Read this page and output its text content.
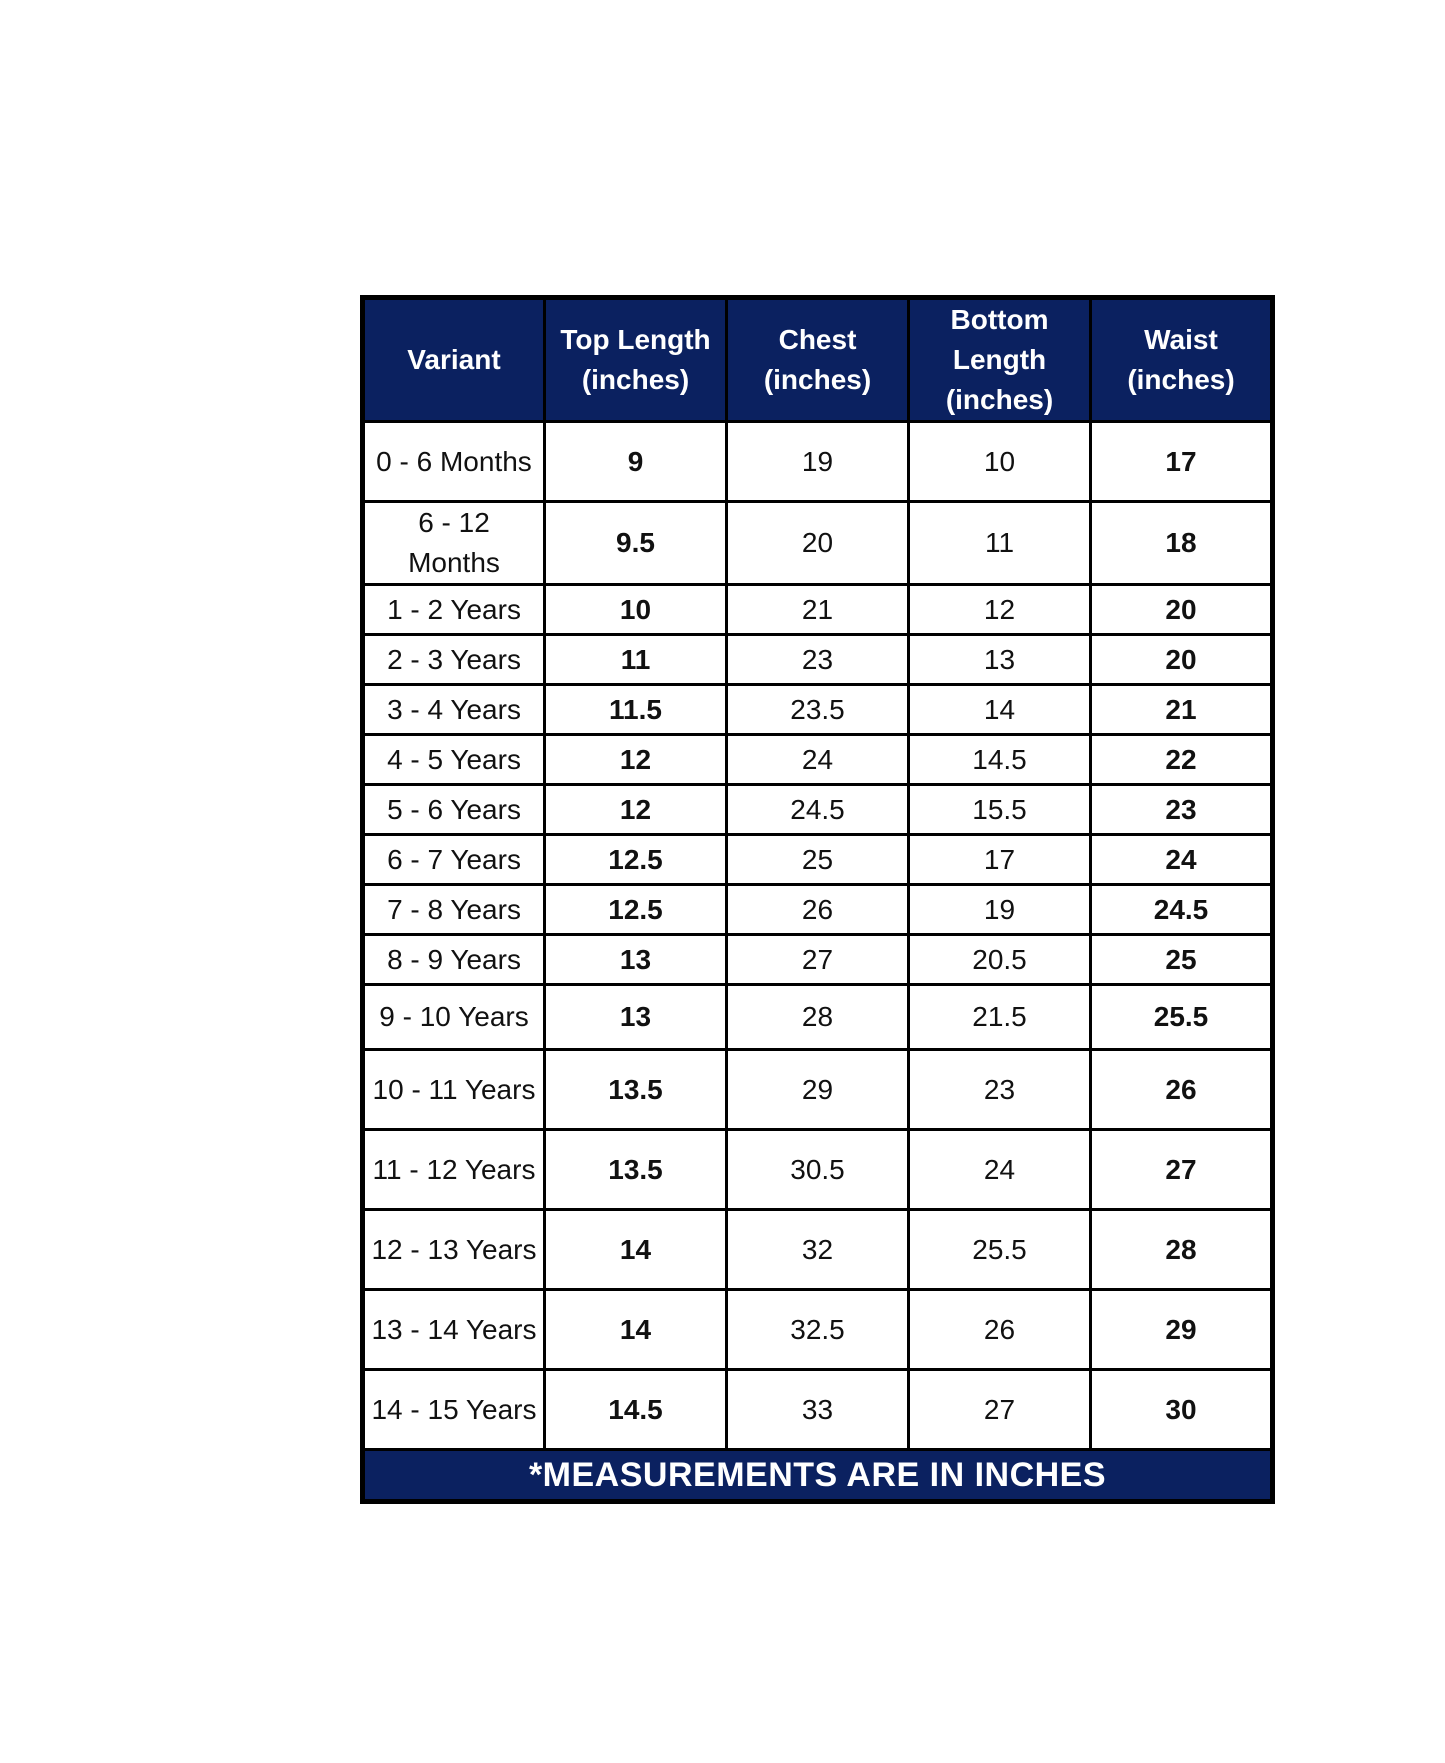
Variant	Top Length (inches)	Chest (inches)	Bottom Length (inches)	Waist (inches)
0 - 6 Months	9	19	10	17
6 - 12 Months	9.5	20	11	18
1 - 2 Years	10	21	12	20
2 - 3 Years	11	23	13	20
3 - 4 Years	11.5	23.5	14	21
4 - 5 Years	12	24	14.5	22
5 - 6 Years	12	24.5	15.5	23
6 - 7 Years	12.5	25	17	24
7 - 8 Years	12.5	26	19	24.5
8 - 9 Years	13	27	20.5	25
9 - 10 Years	13	28	21.5	25.5
10 - 11 Years	13.5	29	23	26
11 - 12 Years	13.5	30.5	24	27
12 - 13 Years	14	32	25.5	28
13 - 14 Years	14	32.5	26	29
14 - 15 Years	14.5	33	27	30
*MEASUREMENTS ARE IN INCHES				
